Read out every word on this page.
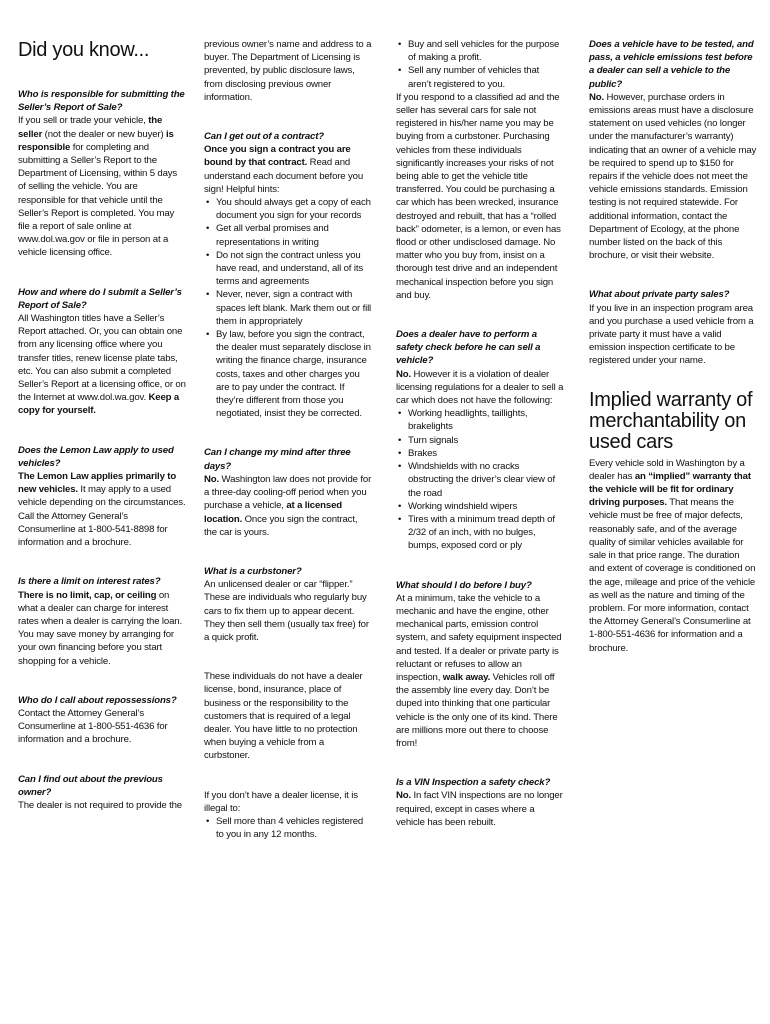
Did you know...

Who is responsible for submitting the Seller’s Report of Sale?

If you sell or trade your vehicle, the seller (not the dealer or new buyer) is responsible for completing and submitting a Seller’s Report to the Department of Licensing, within 5 days of selling the vehicle. You are responsible for that vehicle until the Seller’s Report is completed. You may file a report of sale online at www.dol.wa.gov or file in person at a vehicle licensing office.

How and where do I submit a Seller’s Report of Sale?

All Washington titles have a Seller’s Report attached. Or, you can obtain one from any licensing office where you transfer titles, renew license plate tabs, etc. You can also submit a completed Seller’s Report at a licensing office, or on the Internet at www.dol.wa.gov. Keep a copy for yourself.

Does the Lemon Law apply to used vehicles?

The Lemon Law applies primarily to new vehicles. It may apply to a used vehicle depending on the circumstances. Call the Attorney General’s Consumerline at 1-800-541-8898 for information and a brochure.

Is there a limit on interest rates?

There is no limit, cap, or ceiling on what a dealer can charge for interest rates when a dealer is carrying the loan. You may save money by arranging for your own financing before you start shopping for a vehicle.

Who do I call about repossessions?

Contact the Attorney General’s Consumerline at 1-800-551-4636 for information and a brochure.

Can I find out about the previous owner?

The dealer is not required to provide the

previous owner’s name and address to a buyer. The Department of Licensing is prevented, by public disclosure laws, from disclosing previous owner information.

Can I get out of a contract?

Once you sign a contract you are bound by that contract. Read and understand each document before you sign! Helpful hints:

• You should always get a copy of each document you sign for your records
• Get all verbal promises and representations in writing
• Do not sign the contract unless you have read, and understand, all of its terms and agreements
• Never, never, sign a contract with spaces left blank. Mark them out or fill them in appropriately
• By law, before you sign the contract, the dealer must separately disclose in writing the finance charge, insurance costs, taxes and other charges you are to pay under the contract. If they’re different from those you negotiated, insist they be corrected.

Can I change my mind after three days?

No. Washington law does not provide for a three-day cooling-off period when you purchase a vehicle, at a licensed location. Once you sign the contract, the car is yours.

What is a curbstoner?

An unlicensed dealer or car “flipper.” These are individuals who regularly buy cars to fix them up to appear decent. They then sell them (usually tax free) for a quick profit.

These individuals do not have a dealer license, bond, insurance, place of business or the responsibility to the customers that is required of a legal dealer. You have little to no protection when buying a vehicle from a curbstoner.

If you don’t have a dealer license, it is illegal to:

• Sell more than 4 vehicles registered to you in any 12 months.
• Buy and sell vehicles for the purpose of making a profit.
• Sell any number of vehicles that aren’t registered to you.

If you respond to a classified ad and the seller has several cars for sale not registered in his/her name you may be buying from a curbstoner. Purchasing vehicles from these individuals significantly increases your risks of not being able to get the vehicle title transferred. You could be purchasing a car which has been wrecked, insurance destroyed and rebuilt, that has a “rolled back” odometer, is a lemon, or even has flood or other undisclosed damage. No matter who you buy from, insist on a thorough test drive and an independent mechanical inspection before you sign and buy.

Does a dealer have to perform a safety check before he can sell a vehicle?

No. However it is a violation of dealer licensing regulations for a dealer to sell a car which does not have the following:

• Working headlights, taillights, brakelights
• Turn signals
• Brakes
• Windshields with no cracks obstructing the driver’s clear view of the road
• Working windshield wipers
• Tires with a minimum tread depth of 2/32 of an inch, with no bulges, bumps, exposed cord or ply

What should I do before I buy?

At a minimum, take the vehicle to a mechanic and have the engine, other mechanical parts, emission control system, and safety equipment inspected and tested. If a dealer or private party is reluctant or refuses to allow an inspection, walk away. Vehicles roll off the assembly line every day. Don’t be duped into thinking that one particular vehicle is the only one of its kind. There are millions more out there to choose from!

Is a VIN Inspection a safety check?

No. In fact VIN inspections are no longer required, except in cases where a vehicle has been rebuilt.

Does a vehicle have to be tested, and pass, a vehicle emissions test before a dealer can sell a vehicle to the public?

No. However, purchase orders in emissions areas must have a disclosure statement on used vehicles (no longer under the manufacturer’s warranty) indicating that an owner of a vehicle may be required to spend up to $150 for repairs if the vehicle does not meet the vehicle emissions standards. Emission testing is not required statewide. For additional information, contact the Department of Ecology, at the phone number listed on the back of this brochure, or visit their website.

What about private party sales?

If you live in an inspection program area and you purchase a used vehicle from a private party it must have a valid emission inspection certificate to be registered under your name.

Implied warranty of merchantability on used cars

Every vehicle sold in Washington by a dealer has an “implied” warranty that the vehicle will be fit for ordinary driving purposes. That means the vehicle must be free of major defects, reasonably safe, and of the average quality of similar vehicles available for sale in that price range. The duration and extent of coverage is conditioned on the age, mileage and price of the vehicle as well as the nature and timing of the problem. For more information, contact the Attorney General’s Consumerline at 1-800-551-4636 for information and a brochure.
